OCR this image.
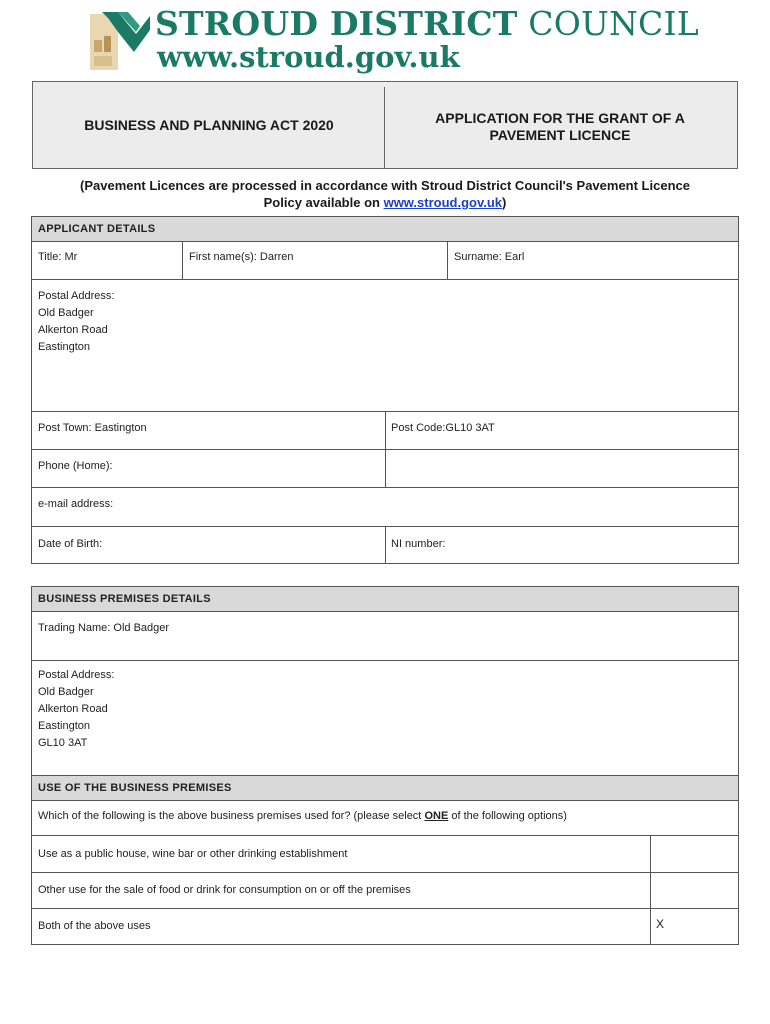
STROUD DISTRICT COUNCIL
www.stroud.gov.uk
BUSINESS AND PLANNING ACT 2020	APPLICATION FOR THE GRANT OF A
PAVEMENT LICENCE
(Pavement Licences are processed in accordance with Stroud District Council's Pavement Licence
Policy available on www.stroud.gov.uk)
APPLICANT DETAILS
Title: Mr	First name(s): Darren	Surname: Earl
Postal Address:
Old Badger
Alkerton Road
Eastington
Post Town: Eastington	Post Code:GL10 3AT
Phone (Home):
e-mail address:
Date of Birth:	NI number:
BUSINESS PREMISES DETAILS
Trading Name: Old Badger
Postal Address:
Old Badger
Alkerton Road
Eastington
GL10 3AT
USE OF THE BUSINESS PREMISES
Which of the following is the above business premises used for? (please select ONE of the following options)
Use as a public house, wine bar or other drinking establishment
Other use for the sale of food or drink for consumption on or off the premises
Both of the above uses	X
